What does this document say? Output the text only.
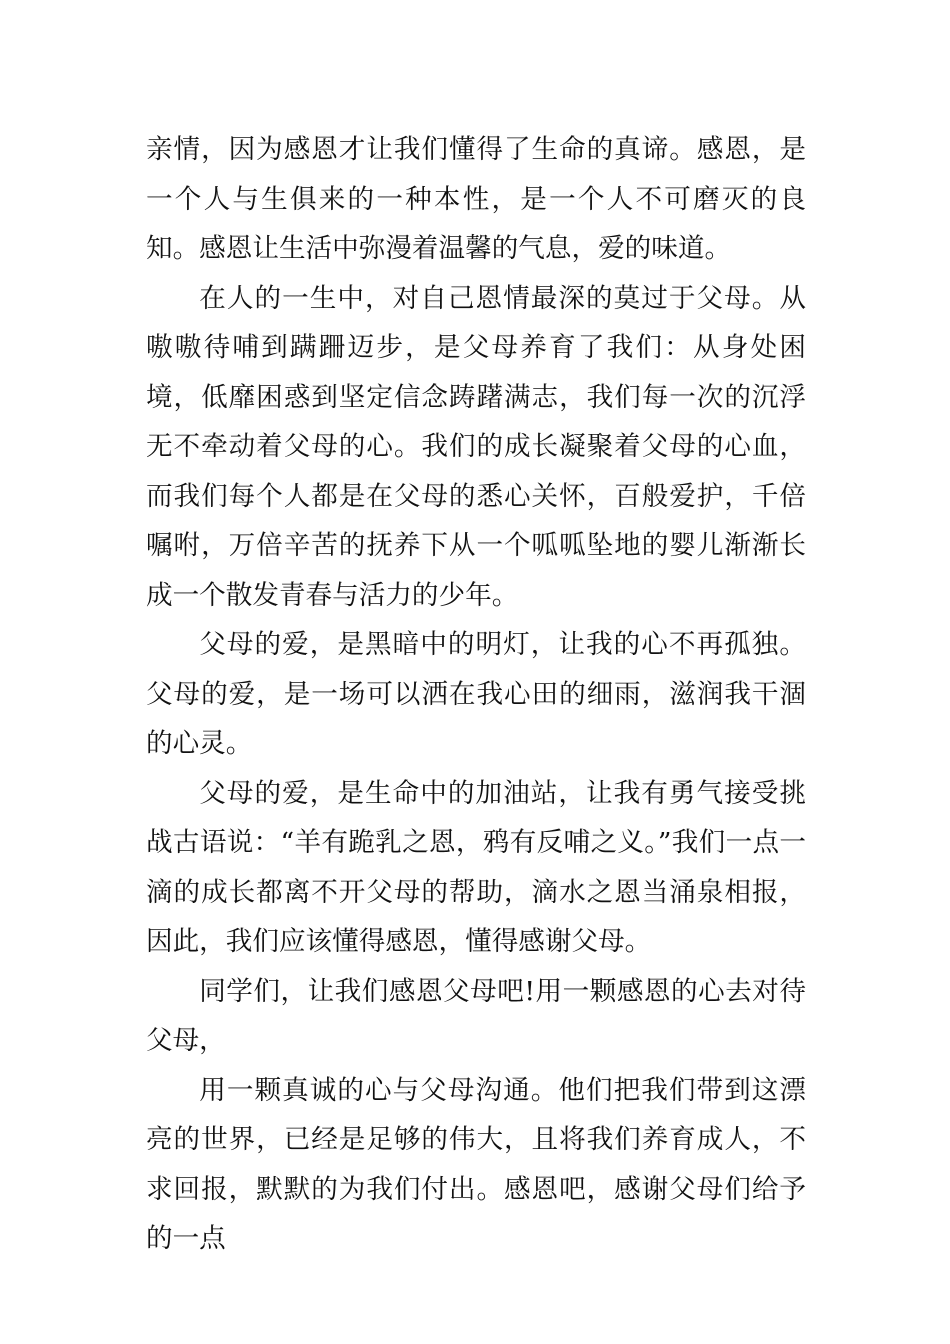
亲情，因为感恩才让我们懂得了生命的真谛。感恩，是一个人与生俱来的一种本性，是一个人不可磨灭的良知。感恩让生活中弥漫着温馨的气息，爱的味道。

在人的一生中，对自己恩情最深的莫过于父母。从嗷嗷待哺到蹒跚迈步，是父母养育了我们：从身处困境，低靡困惑到坚定信念踌躇满志，我们每一次的沉浮无不牵动着父母的心。我们的成长凝聚着父母的心血，而我们每个人都是在父母的悉心关怀，百般爱护，千倍嘱咐，万倍辛苦的抚养下从一个呱呱坠地的婴儿渐渐长成一个散发青春与活力的少年。

父母的爱，是黑暗中的明灯，让我的心不再孤独。父母的爱，是一场可以洒在我心田的细雨，滋润我干涸的心灵。

父母的爱，是生命中的加油站，让我有勇气接受挑战古语说：“羊有跪乳之恩，鸦有反哺之义。”我们一点一滴的成长都离不开父母的帮助，滴水之恩当涌泉相报，因此，我们应该懂得感恩，懂得感谢父母。

同学们，让我们感恩父母吧!用一颗感恩的心去对待父母，

用一颗真诚的心与父母沟通。他们把我们带到这漂亮的世界，已经是足够的伟大，且将我们养育成人，不求回报，默默的为我们付出。感恩吧，感谢父母们给予的一点
